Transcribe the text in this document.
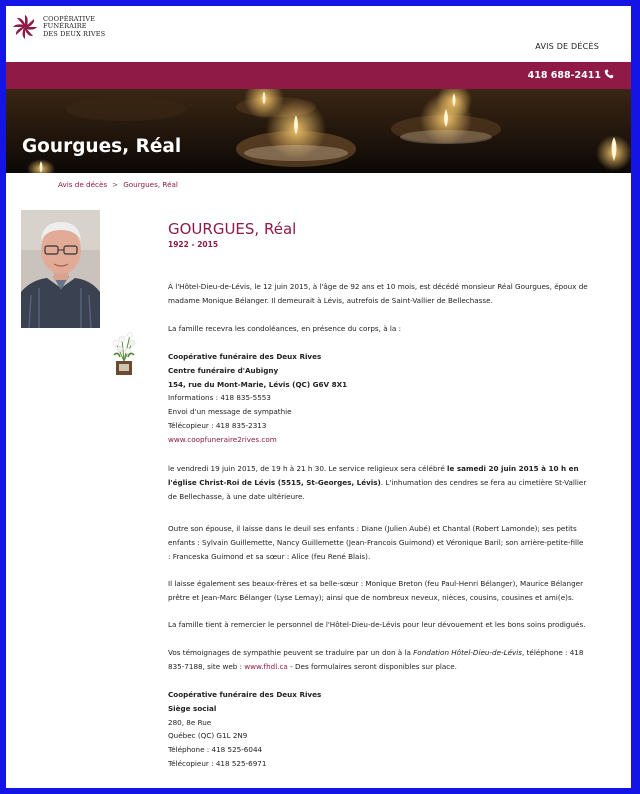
COOPÉRATIVE
FUNÉRAIRE
DES DEUX RIVES
AVIS DE DÉCÈS
418 688-2411
Gourgues, Réal
Avis de décès > Gourgues, Réal
GOURGUES, Réal
1922 - 2015
À l'Hôtel-Dieu-de-Lévis, le 12 juin 2015, à l'âge de 92 ans et 10 mois, est décédé monsieur Réal Gourgues, époux de madame Monique Bélanger. Il demeurait à Lévis, autrefois de Saint-Vallier de Bellechasse.
La famille recevra les condoléances, en présence du corps, à la :
Coopérative funéraire des Deux Rives
Centre funéraire d'Aubigny
154, rue du Mont-Marie, Lévis (QC) G6V 8X1
Informations : 418 835-5553
Envoi d'un message de sympathie
Télécopieur : 418 835-2313
www.coopfuneraire2rives.com
le vendredi 19 juin 2015, de 19 h à 21 h 30. Le service religieux sera célébré le samedi 20 juin 2015 à 10 h en l'église Christ-Roi de Lévis (5515, St-Georges, Lévis). L'inhumation des cendres se fera au cimetière St-Vallier de Bellechasse, à une date ultérieure.
Outre son épouse, il laisse dans le deuil ses enfants : Diane (Julien Aubé) et Chantal (Robert Lamonde); ses petits enfants : Sylvain Guillemette, Nancy Guillemette (Jean-Francois Guimond) et Véronique Baril; son arrière-petite-fille : Franceska Guimond et sa sœur : Alice (feu René Blais).
Il laisse également ses beaux-frères et sa belle-sœur : Monique Breton (feu Paul-Henri Bélanger), Maurice Bélanger prêtre et Jean-Marc Bélanger (Lyse Lemay); ainsi que de nombreux neveux, nièces, cousins, cousines et ami(e)s.
La famille tient à remercier le personnel de l'Hôtel-Dieu-de-Lévis pour leur dévouement et les bons soins prodigués.
Vos témoignages de sympathie peuvent se traduire par un don à la Fondation Hôtel-Dieu-de-Lévis, téléphone : 418 835-7188, site web : www.fhdl.ca - Des formulaires seront disponibles sur place.
Coopérative funéraire des Deux Rives
Siège social
280, 8e Rue
Québec (QC) G1L 2N9
Téléphone : 418 525-6044
Télécopieur : 418 525-6971
